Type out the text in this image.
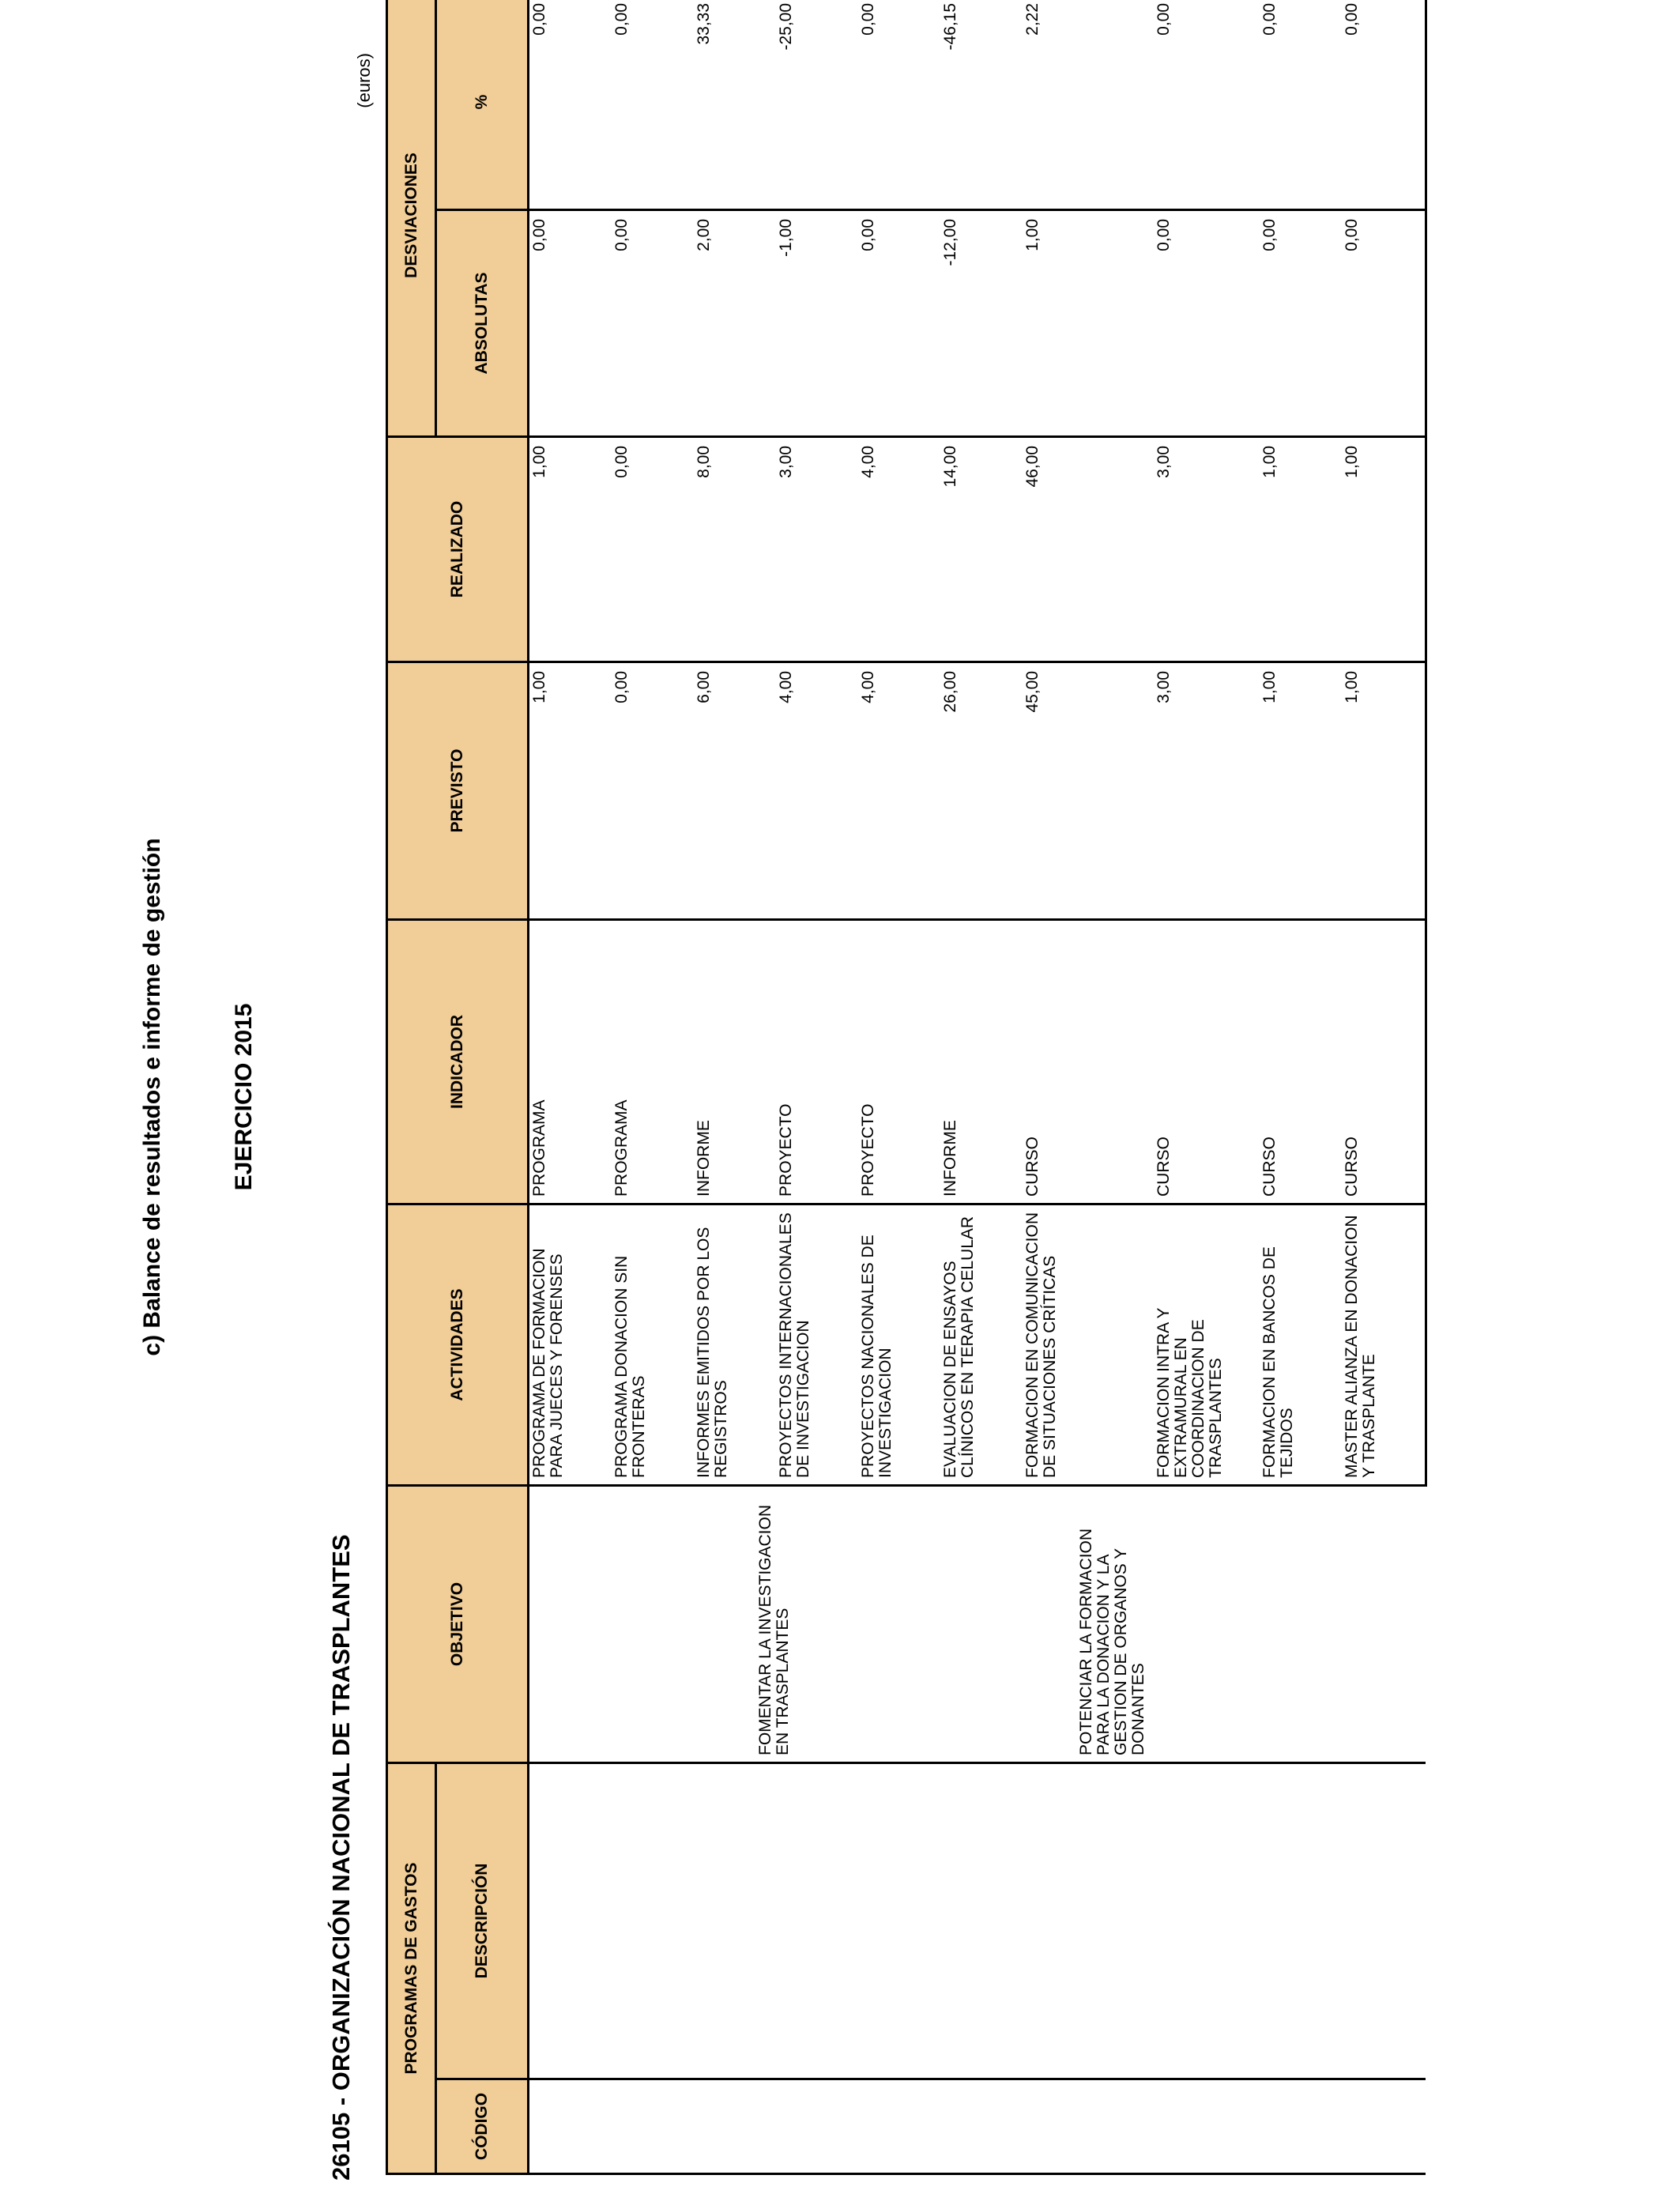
c) Balance de resultados e informe de gestión	EJERCICIO 2015
26105 - ORGANIZACIÓN NACIONAL DE TRASPLANTES
(euros)
PROGRAMAS DE GASTOS		OBJETIVO	ACTIVIDADES	INDICADOR	PREVISTO	REALIZADO	DESVIACIONES	
CÓDIGO	DESCRIPCIÓN						ABSOLUTAS	%

		FOMENTAR LA INVESTIGACION EN TRASPLANTES	PROGRAMA DE FORMACION PARA JUECES Y FORENSES	PROGRAMA	1,00	1,00	0,00	0,00
			PROGRAMA DONACION SIN FRONTERAS	PROGRAMA	0,00	0,00	0,00	0,00
			INFORMES EMITIDOS POR LOS REGISTROS	INFORME	6,00	8,00	2,00	33,33
			PROYECTOS INTERNACIONALES DE INVESTIGACION	PROYECTO	4,00	3,00	-1,00	-25,00
			PROYECTOS NACIONALES DE INVESTIGACION	PROYECTO	4,00	4,00	0,00	0,00
			EVALUACION DE ENSAYOS CLÍNICOS EN TERAPIA CELULAR	INFORME	26,00	14,00	-12,00	-46,15

		POTENCIAR LA FORMACION PARA LA DONACION Y LA GESTION DE ORGANOS Y DONANTES	FORMACION EN COMUNICACION DE SITUACIONES CRÍTICAS	CURSO	45,00	46,00	1,00	2,22
			FORMACION INTRA Y EXTRAMURAL EN COORDINACION DE TRASPLANTES	CURSO	3,00	3,00	0,00	0,00
			FORMACION EN BANCOS DE TEJIDOS	CURSO	1,00	1,00	0,00	0,00
			MASTER ALIANZA EN DONACION Y TRASPLANTE	CURSO	1,00	1,00	0,00	0,00
